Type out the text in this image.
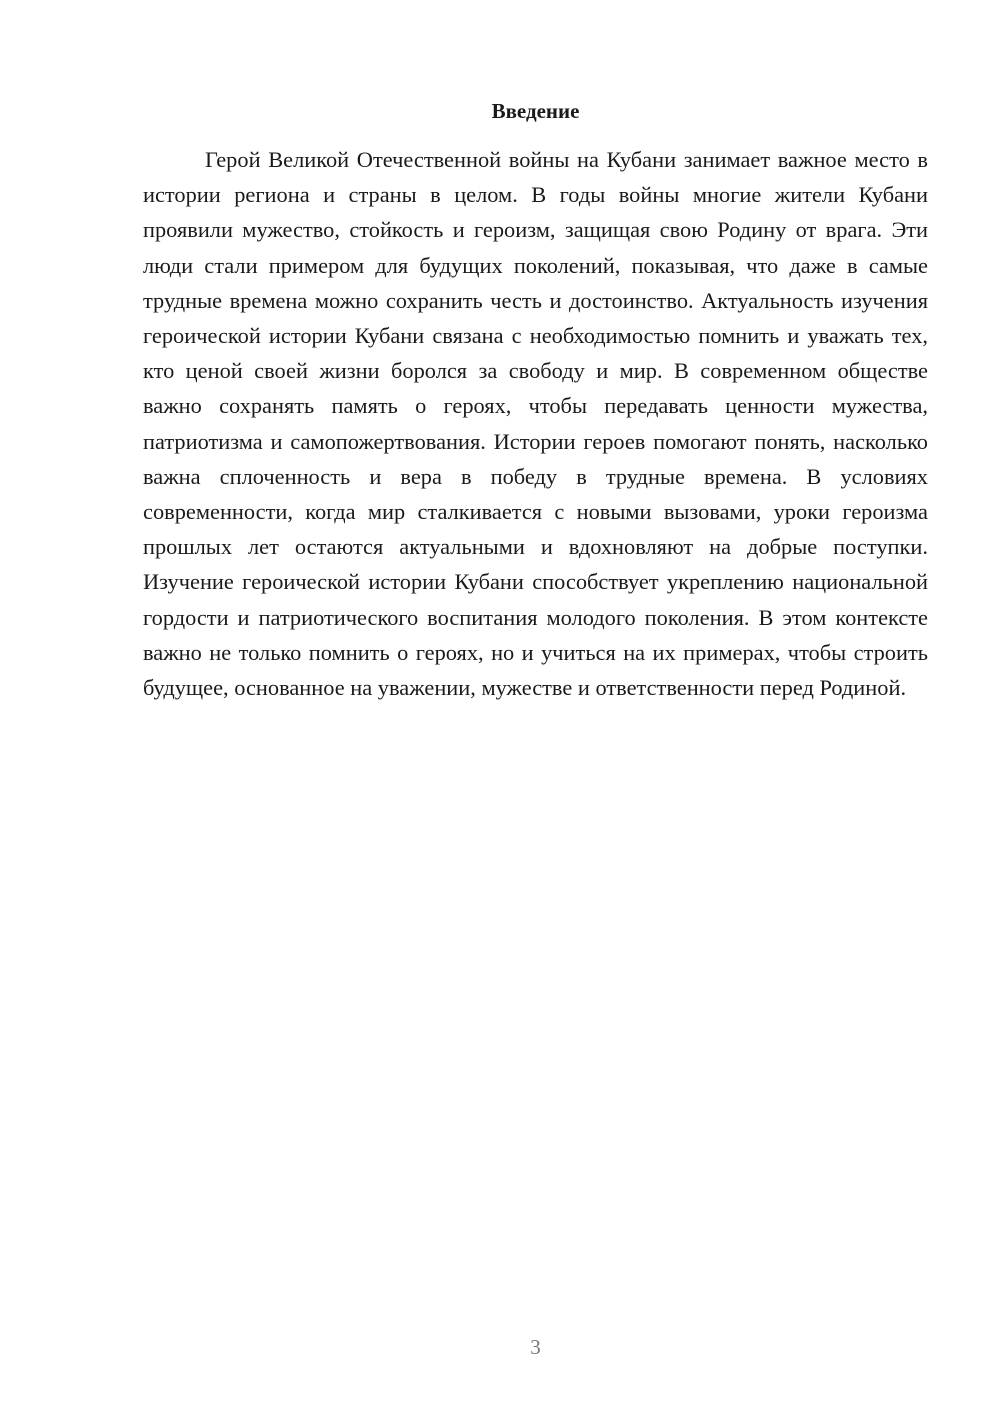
Введение

Герой Великой Отечественной войны на Кубани занимает важное место в истории региона и страны в целом. В годы войны многие жители Кубани проявили мужество, стойкость и героизм, защищая свою Родину от врага. Эти люди стали примером для будущих поколений, показывая, что даже в самые трудные времена можно сохранить честь и достоинство. Актуальность изучения героической истории Кубани связана с необходимостью помнить и уважать тех, кто ценой своей жизни боролся за свободу и мир. В современном обществе важно сохранять память о героях, чтобы передавать ценности мужества, патриотизма и самопожертвования. Истории героев помогают понять, насколько важна сплоченность и вера в победу в трудные времена. В условиях современности, когда мир сталкивается с новыми вызовами, уроки героизма прошлых лет остаются актуальными и вдохновляют на добрые поступки. Изучение героической истории Кубани способствует укреплению национальной гордости и патриотического воспитания молодого поколения. В этом контексте важно не только помнить о героях, но и учиться на их примерах, чтобы строить будущее, основанное на уважении, мужестве и ответственности перед Родиной.

3
